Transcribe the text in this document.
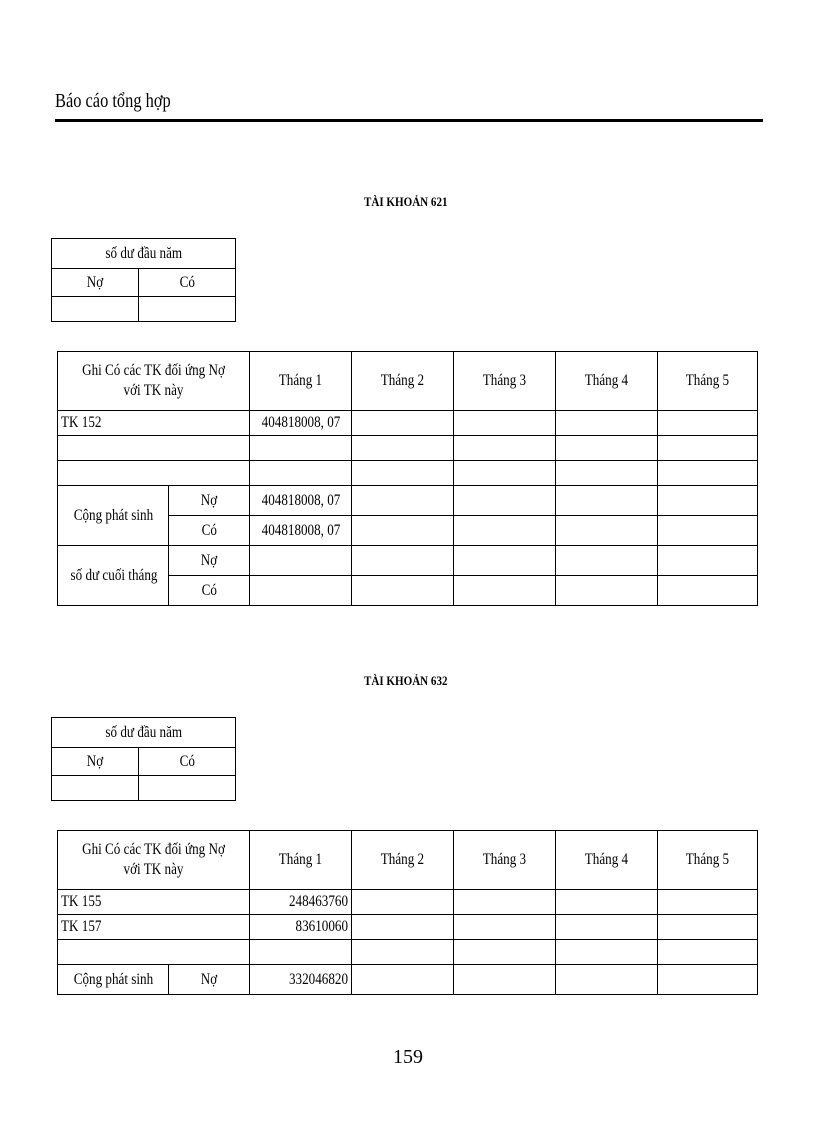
Báo cáo tổng hợp
TÀI KHOẢN 621
số dư đầu năm	
Nợ	Có

Ghi Có các TK đối ứng Nợ với TK này		Tháng 1	Tháng 2	Tháng 3	Tháng 4	Tháng 5
TK 152		404818008, 07				

Cộng phát sinh	Nợ	404818008, 07				
	Có	404818008, 07				
số dư cuối tháng	Nợ					
	Có					
TÀI KHOẢN 632
số dư đầu năm	
Nợ	Có

Ghi Có các TK đối ứng Nợ với TK này		Tháng 1	Tháng 2	Tháng 3	Tháng 4	Tháng 5
TK 155		248463760				
TK 157		83610060				

Cộng phát sinh	Nợ	332046820				
159
